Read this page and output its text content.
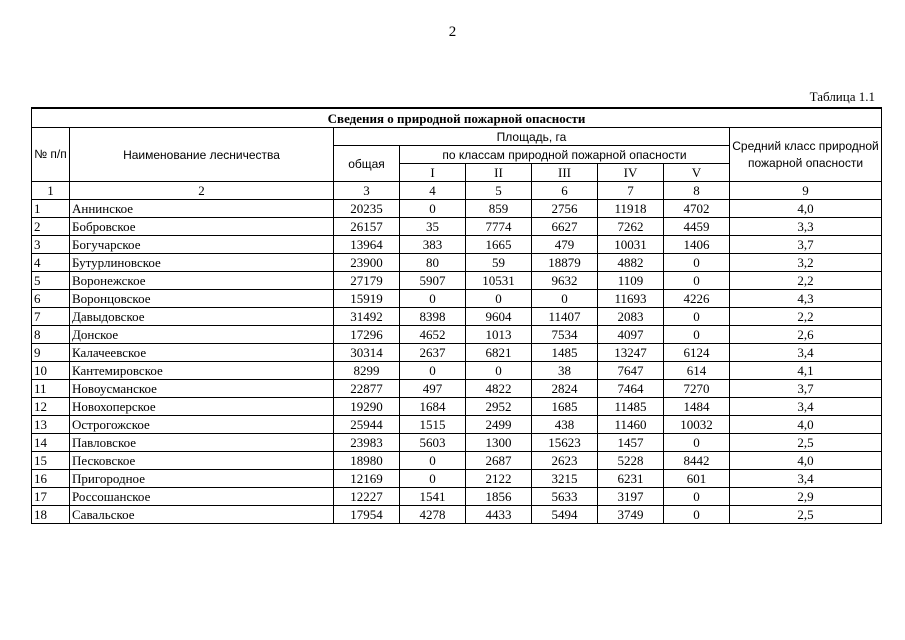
2
Таблица 1.1
Сведения о природной пожарной опасности								
№ п/п	Наименование лесничества	Площадь, га						Средний класс природной пожарной опасности
		общая	по классам природной пожарной опасности					
			I	II	III	IV	V	
1	2	3	4	5	6	7	8	9
1	Аннинское	20235	0	859	2756	11918	4702	4,0
2	Бобровское	26157	35	7774	6627	7262	4459	3,3
3	Богучарское	13964	383	1665	479	10031	1406	3,7
4	Бутурлиновское	23900	80	59	18879	4882	0	3,2
5	Воронежское	27179	5907	10531	9632	1109	0	2,2
6	Воронцовское	15919	0	0	0	11693	4226	4,3
7	Давыдовское	31492	8398	9604	11407	2083	0	2,2
8	Донское	17296	4652	1013	7534	4097	0	2,6
9	Калачеевское	30314	2637	6821	1485	13247	6124	3,4
10	Кантемировское	8299	0	0	38	7647	614	4,1
11	Новоусманское	22877	497	4822	2824	7464	7270	3,7
12	Новохоперское	19290	1684	2952	1685	11485	1484	3,4
13	Острогожское	25944	1515	2499	438	11460	10032	4,0
14	Павловское	23983	5603	1300	15623	1457	0	2,5
15	Песковское	18980	0	2687	2623	5228	8442	4,0
16	Пригородное	12169	0	2122	3215	6231	601	3,4
17	Россошанское	12227	1541	1856	5633	3197	0	2,9
18	Савальское	17954	4278	4433	5494	3749	0	2,5
